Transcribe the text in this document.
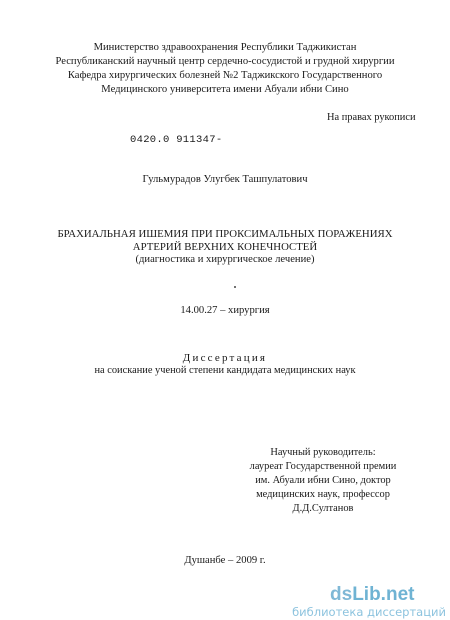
Министерство здравоохранения Республики Таджикистан
Республиканский научный центр сердечно-сосудистой и грудной хирургии
Кафедра хирургических болезней №2 Таджикского Государственного
Медицинского университета имени Абуали ибни Сино
На правах рукописи
0420.0 911347-
Гульмурадов Улугбек Ташпулатович
БРАХИАЛЬНАЯ ИШЕМИЯ ПРИ ПРОКСИМАЛЬНЫХ ПОРАЖЕНИЯХ
АРТЕРИЙ ВЕРХНИХ КОНЕЧНОСТЕЙ
(диагностика и хирургическое лечение)
14.00.27 – хирургия
Диссертация
на соискание ученой степени кандидата медицинских наук
Научный руководитель:
лауреат Государственной премии
им. Абуали ибни Сино, доктор
медицинских наук, профессор
Д.Д.Султанов
Душанбе – 2009 г.
dsLib.net
библиотека диссертаций
